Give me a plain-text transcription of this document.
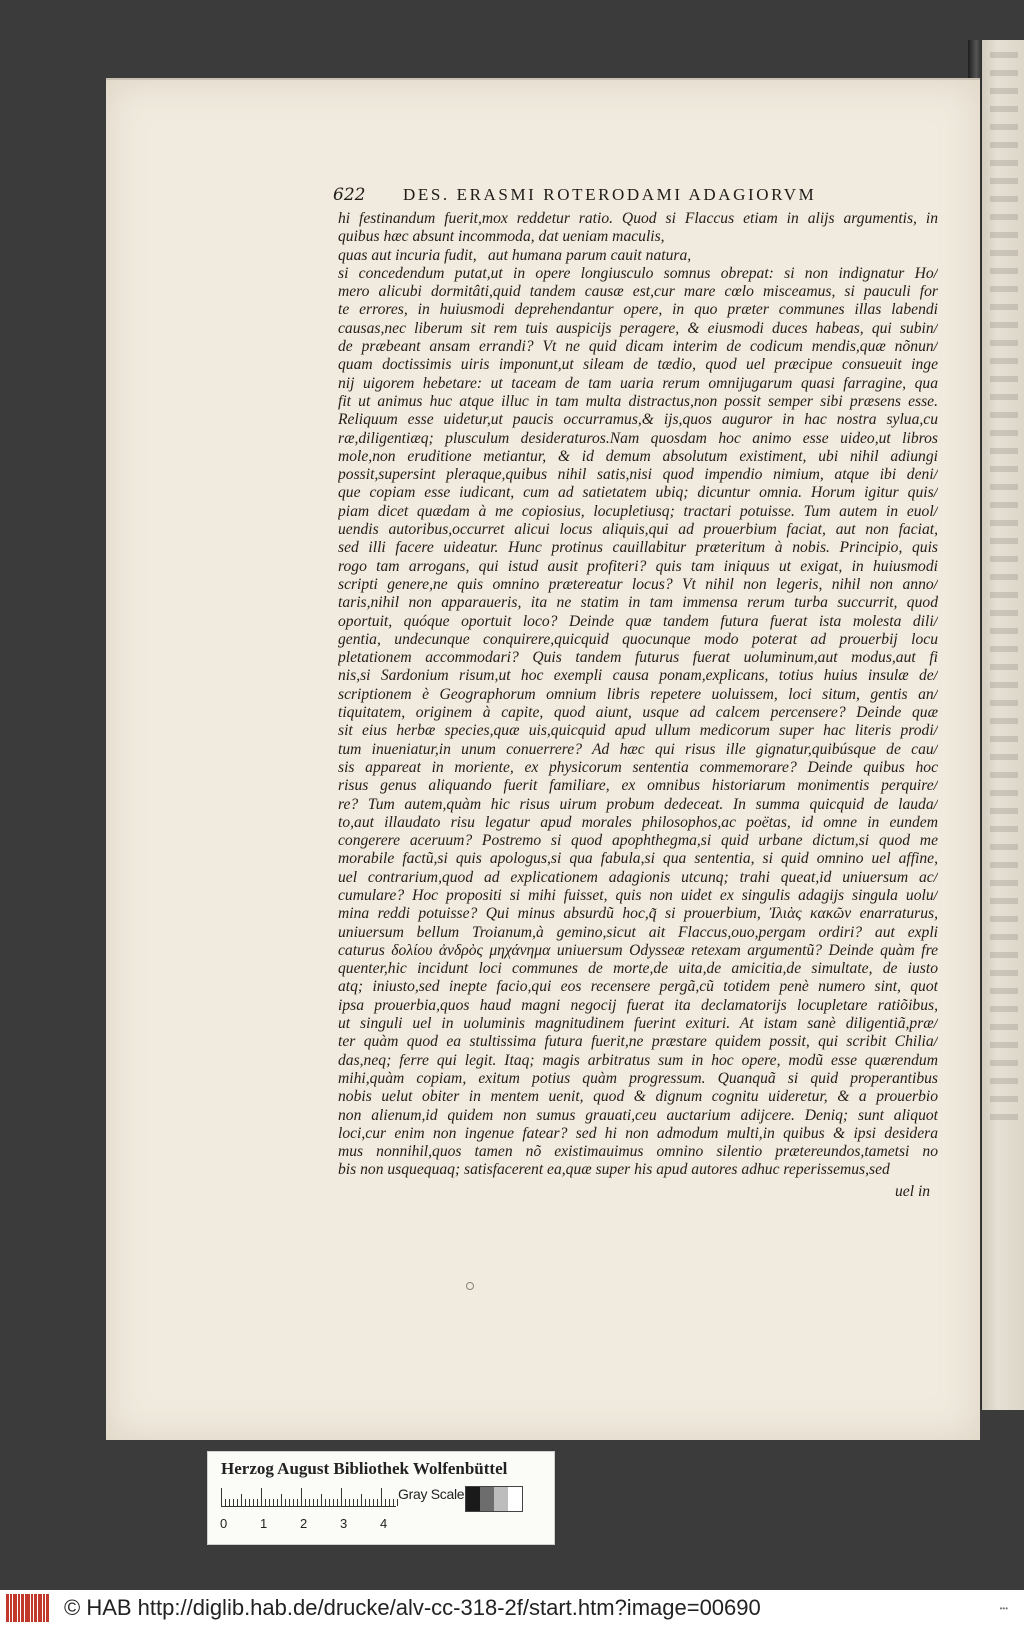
622	DES. ERASMI ROTERODAMI ADAGIORVM
hi festinandum fuerit,mox reddetur ratio. Quod si Flaccus etiam in alijs argumentis, in
quibus hæc absunt incommoda, dat ueniam maculis,
quas aut incuria fudit, aut humana parum cauit natura,
si concedendum putat,ut in opere longiusculo somnus obrepat: si non indignatur Ho/
mero alicubi dormitâti,quid tandem causæ est,cur mare cœlo misceamus, si pauculi for
te errores, in huiusmodi deprehendantur opere, in quo præter communes illas labendi
causas,nec liberum sit rem tuis auspicijs peragere, & eiusmodi duces habeas, qui subin/
de præbeant ansam errandi? Vt ne quid dicam interim de codicum mendis,quæ nõnun/
quam doctissimis uiris imponunt,ut sileam de tædio, quod uel præcipue consueuit inge
nij uigorem hebetare: ut taceam de tam uaria rerum omnijugarum quasi farragine, qua
fit ut animus huc atque illuc in tam multa distractus,non possit semper sibi præsens esse.
Reliquum esse uidetur,ut paucis occurramus,& ijs,quos auguror in hac nostra sylua,cu
ræ,diligentiæq; plusculum desideraturos.Nam quosdam hoc animo esse uideo,ut libros
mole,non eruditione metiantur, & id demum absolutum existiment, ubi nihil adiungi
possit,supersint pleraque,quibus nihil satis,nisi quod impendio nimium, atque ibi deni/
que copiam esse iudicant, cum ad satietatem ubiq; dicuntur omnia. Horum igitur quis/
piam dicet quædam à me copiosius, locupletiusq; tractari potuisse. Tum autem in euol/
uendis autoribus,occurret alicui locus aliquis,qui ad prouerbium faciat, aut non faciat,
sed illi facere uideatur. Hunc protinus cauillabitur præteritum à nobis. Principio, quis
rogo tam arrogans, qui istud ausit profiteri? quis tam iniquus ut exigat, in huiusmodi
scripti genere,ne quis omnino prætereatur locus? Vt nihil non legeris, nihil non anno/
taris,nihil non apparaueris, ita ne statim in tam immensa rerum turba succurrit, quod
oportuit, quóque oportuit loco? Deinde quæ tandem futura fuerat ista molesta dili/
gentia, undecunque conquirere,quicquid quocunque modo poterat ad prouerbij locu
pletationem accommodari? Quis tandem futurus fuerat uoluminum,aut modus,aut fi
nis,si Sardonium risum,ut hoc exempli causa ponam,explicans, totius huius insulæ de/
scriptionem è Geographorum omnium libris repetere uoluissem, loci situm, gentis an/
tiquitatem, originem à capite, quod aiunt, usque ad calcem percensere? Deinde quæ
sit eius herbæ species,quæ uis,quicquid apud ullum medicorum super hac literis prodi/
tum inueniatur,in unum conuerrere? Ad hæc qui risus ille gignatur,quibúsque de cau/
sis appareat in moriente, ex physicorum sententia commemorare? Deinde quibus hoc
risus genus aliquando fuerit familiare, ex omnibus historiarum monimentis perquire/
re? Tum autem,quàm hic risus uirum probum dedeceat. In summa quicquid de lauda/
to,aut illaudato risu legatur apud morales philosophos,ac poëtas, id omne in eundem
congerere aceruum? Postremo si quod apophthegma,si quid urbane dictum,si quod me
morabile factũ,si quis apologus,si qua fabula,si qua sententia, si quid omnino uel affine,
uel contrarium,quod ad explicationem adagionis utcunq; trahi queat,id uniuersum ac/
cumulare? Hoc propositi si mihi fuisset, quis non uidet ex singulis adagijs singula uolu/
mina reddi potuisse? Qui minus absurdũ hoc,q̃ si prouerbium, Ἰλιὰς κακῶν enarraturus,
uniuersum bellum Troianum,à gemino,sicut ait Flaccus,ouo,pergam ordiri? aut expli
caturus δολίου ἀνδρὸς μηχάνημα uniuersum Odysseæ retexam argumentũ? Deinde quàm fre
quenter,hic incidunt loci communes de morte,de uita,de amicitia,de simultate, de iusto
atq; iniusto,sed inepte facio,qui eos recensere pergã,cũ totidem penè numero sint, quot
ipsa prouerbia,quos haud magni negocij fuerat ita declamatorijs locupletare ratiõibus,
ut singuli uel in uoluminis magnitudinem fuerint exituri. At istam sanè diligentiã,præ/
ter quàm quod ea stultissima futura fuerit,ne præstare quidem possit, qui scribit Chilia/
das,neq; ferre qui legit. Itaq; magis arbitratus sum in hoc opere, modũ esse quærendum
mihi,quàm copiam, exitum potius quàm progressum. Quanquã si quid properantibus
nobis uelut obiter in mentem uenit, quod & dignum cognitu uideretur, & a prouerbio
non alienum,id quidem non sumus grauati,ceu auctarium adijcere. Deniq; sunt aliquot
loci,cur enim non ingenue fatear? sed hi non admodum multi,in quibus & ipsi desidera
mus nonnihil,quos tamen nõ existimauimus omnino silentio prætereundos,tametsi no
bis non usquequaq; satisfacerent ea,quæ super his apud autores adhuc reperissemus,sed
uel in
Herzog August Bibliothek Wolfenbüttel
0	1	2	3	4
Gray Scale
© HAB http://diglib.hab.de/drucke/alv-cc-318-2f/start.htm?image=00690	•••
